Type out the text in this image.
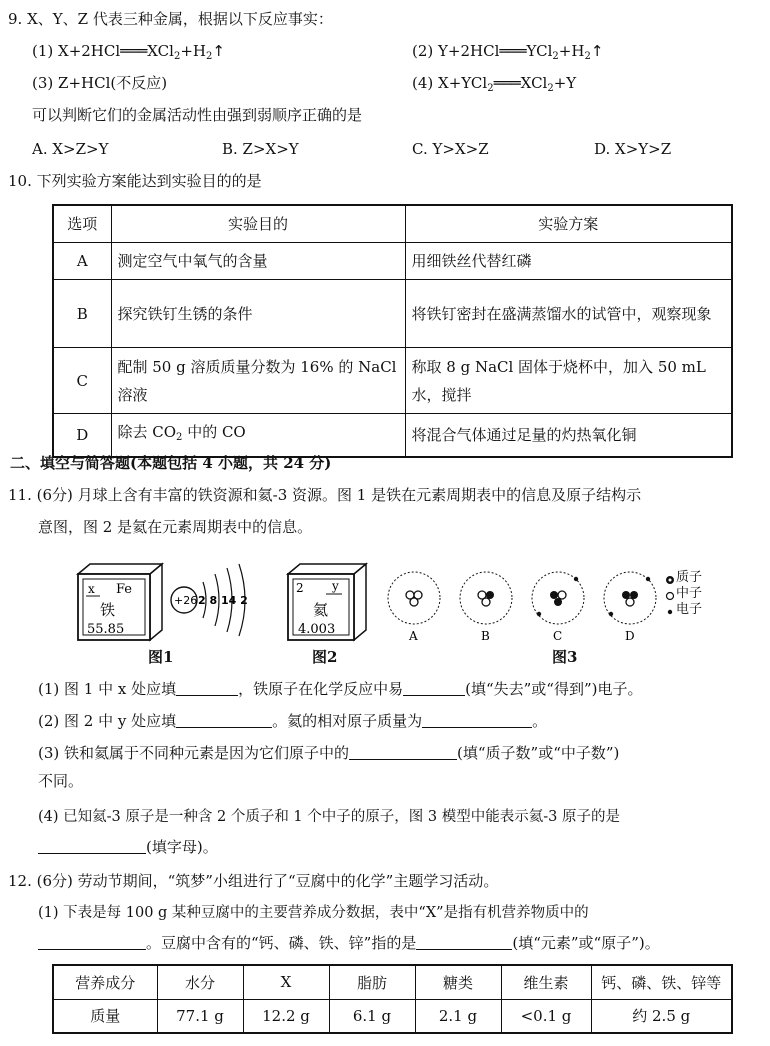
9. X、Y、Z 代表三种金属，根据以下反应事实：
(1) $X+2HCl═══XCl_2+H_2↑$	(2) $Y+2HCl═══YCl_2+H_2↑$
(3) Z+HCl(不反应)	(4) X+YCl$_2$═══XCl$_2$+Y
可以判断它们的金属活动性由强到弱顺序正确的是
A. X>Z>Y	B. Z>X>Y	C. Y>X>Z	D. X>Y>Z
10. 下列实验方案能达到实验目的的是
选项	实验目的	实验方案
A	测定空气中氧气的含量	用细铁丝代替红磷
B	探究铁钉生锈的条件	将铁钉密封在盛满蒸馏水的试管中，观察现象
C	配制 50 g 溶质质量分数为 16% 的 NaCl 溶液	称取 8 g NaCl 固体于烧杯中，加入 50 mL 水，搅拌
D	除去 $CO_2$ 中的 CO	将混合气体通过足量的灼热氧化铜
二、填空与简答题(本题包括 4 小题，共 24 分)
11. (6分) 月球上含有丰富的铁资源和氦-3 资源。图 1 是铁在元素周期表中的信息及原子结构示
意图，图 2 是氦在元素周期表中的信息。
x Fe
铁
55.85
+26 2 8 14 2
图1
2 y
氦
4.003
图2
A	B	C	D
质子
中子
电子
图3
(1) 图 1 中 x 处应填	，铁原子在化学反应中易	(填“失去”或“得到”)电子。
(2) 图 2 中 y 处应填	。氦的相对原子质量为	。
(3) 铁和氦属于不同种元素是因为它们原子中的	(填“质子数”或“中子数”)
不同。
(4) 已知氦-3 原子是一种含 2 个质子和 1 个中子的原子，图 3 模型中能表示氦-3 原子的是
(填字母)。
12. (6分) 劳动节期间，“筑梦”小组进行了“豆腐中的化学”主题学习活动。
(1) 下表是每 100 g 某种豆腐中的主要营养成分数据，表中“X”是指有机营养物质中的
。豆腐中含有的“钙、磷、铁、锌”指的是	(填“元素”或“原子”)。
营养成分	水分	X	脂肪	糖类	维生素	钙、磷、铁、锌等
质量	77.1 g	12.2 g	6.1 g	2.1 g	<0.1 g	约 2.5 g
